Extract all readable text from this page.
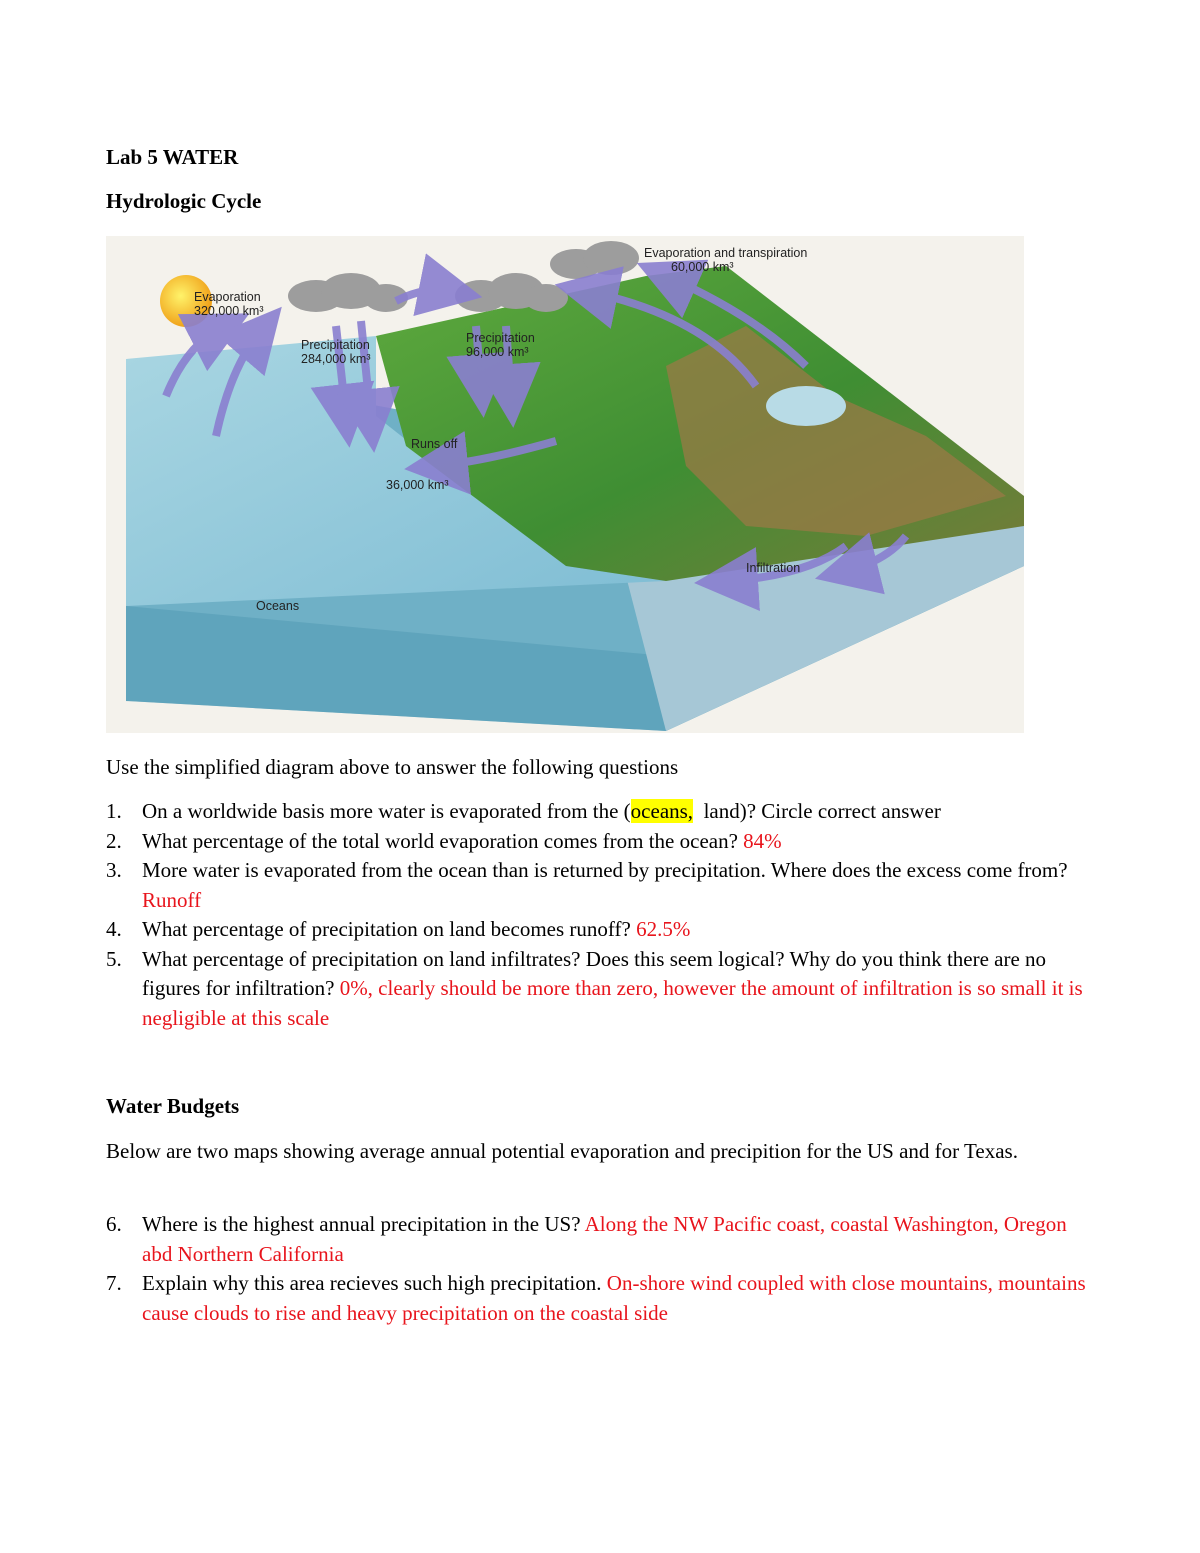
Lab 5 WATER
Hydrologic Cycle
Evaporation
320,000 km³
Precipitation
284,000 km³
Precipitation
96,000 km³
Evaporation and transpiration
60,000 km³
Runs off
36,000 km³
Infiltration
Oceans
Use the simplified diagram above to answer the following questions
1. On a worldwide basis more water is evaporated from the (oceans,  land)? Circle correct answer
2. What percentage of the total world evaporation comes from the ocean? 84%
3. More water is evaporated from the ocean than is returned by precipitation. Where does the excess come from? Runoff
4. What percentage of precipitation on land becomes runoff? 62.5%
5. What percentage of precipitation on land infiltrates? Does this seem logical? Why do you think there are no figures for infiltration? 0%, clearly should be more than zero, however the amount of infiltration is so small it is negligible at this scale
Water Budgets
Below are two maps showing average annual potential evaporation and precipition for the US and for Texas.
6. Where is the highest annual precipitation in the US? Along the NW Pacific coast, coastal Washington, Oregon abd Northern California
7. Explain why this area recieves such high precipitation. On-shore wind coupled with close mountains, mountains cause clouds to rise and heavy precipitation on the coastal side
